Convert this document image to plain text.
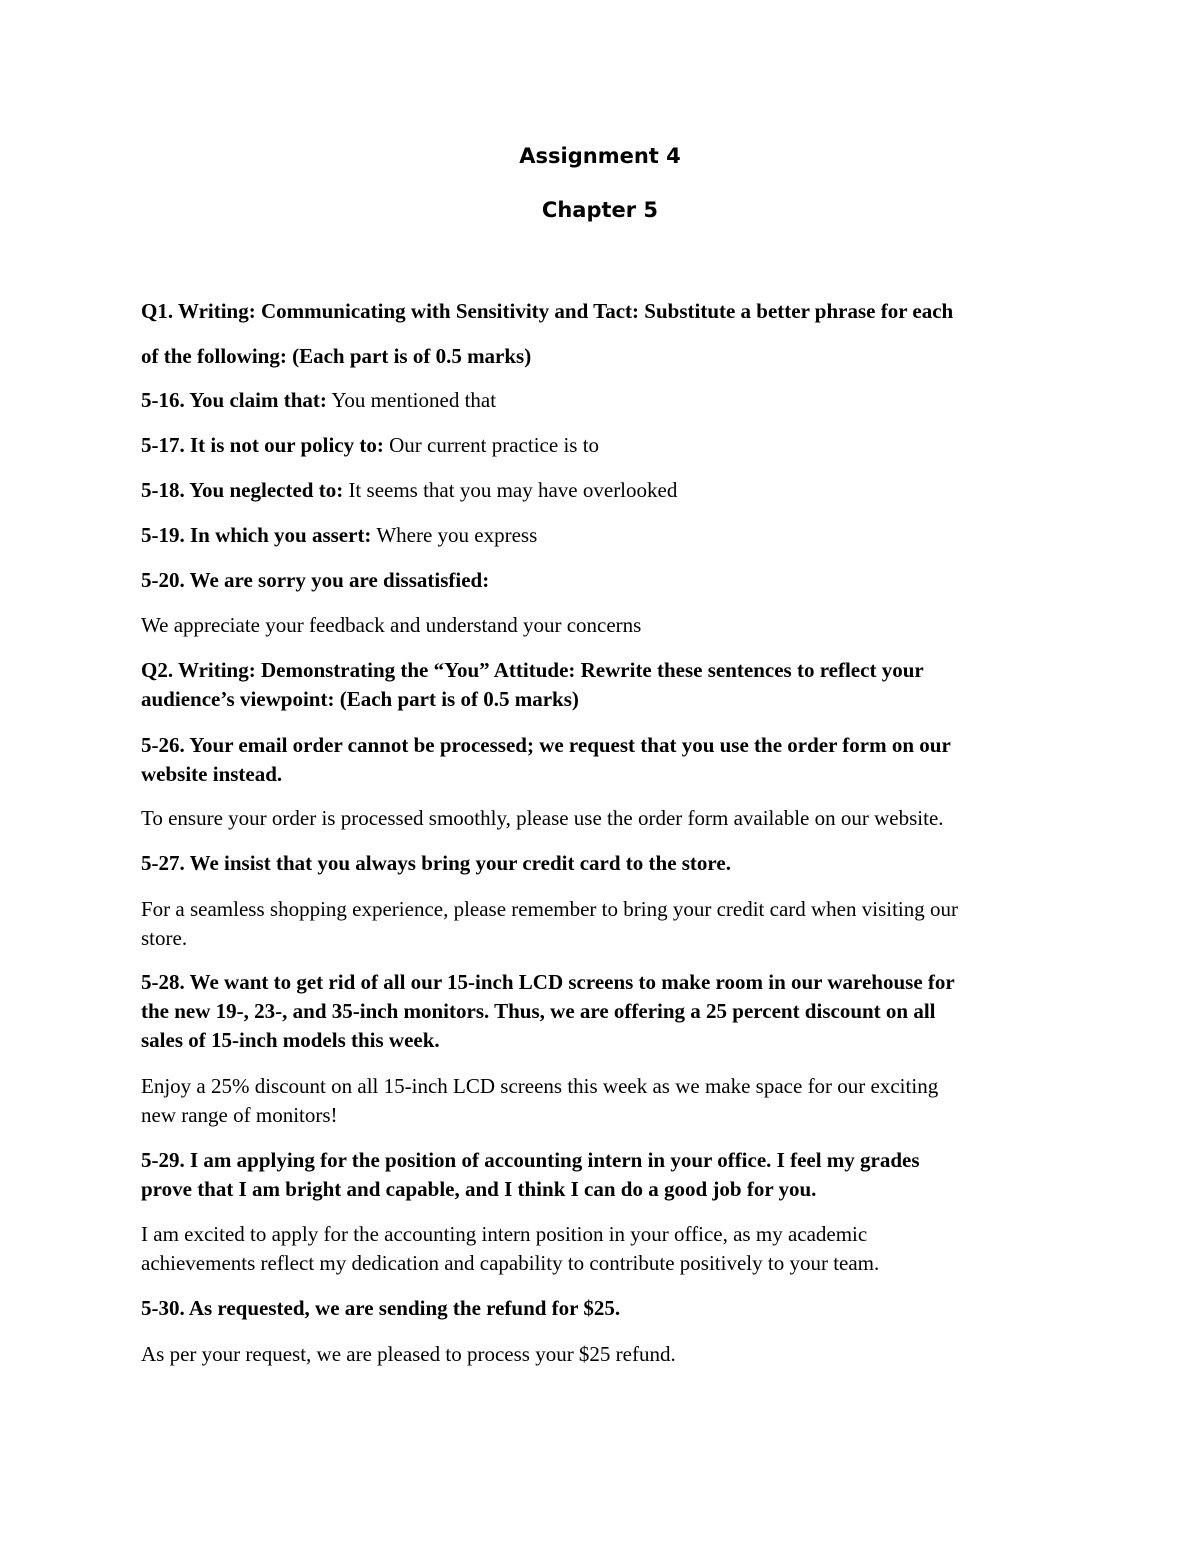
Assignment 4
Chapter 5
Q1. Writing: Communicating with Sensitivity and Tact: Substitute a better phrase for each
of the following: (Each part is of 0.5 marks)
5-16. You claim that: You mentioned that
5-17. It is not our policy to: Our current practice is to
5-18. You neglected to: It seems that you may have overlooked
5-19. In which you assert: Where you express
5-20. We are sorry you are dissatisfied:
We appreciate your feedback and understand your concerns
Q2. Writing: Demonstrating the “You” Attitude: Rewrite these sentences to reflect your
audience’s viewpoint: (Each part is of 0.5 marks)
5-26. Your email order cannot be processed; we request that you use the order form on our
website instead.
To ensure your order is processed smoothly, please use the order form available on our website.
5-27. We insist that you always bring your credit card to the store.
For a seamless shopping experience, please remember to bring your credit card when visiting our
store.
5-28. We want to get rid of all our 15-inch LCD screens to make room in our warehouse for
the new 19-, 23-, and 35-inch monitors. Thus, we are offering a 25 percent discount on all
sales of 15-inch models this week.
Enjoy a 25% discount on all 15-inch LCD screens this week as we make space for our exciting
new range of monitors!
5-29. I am applying for the position of accounting intern in your office. I feel my grades
prove that I am bright and capable, and I think I can do a good job for you.
I am excited to apply for the accounting intern position in your office, as my academic
achievements reflect my dedication and capability to contribute positively to your team.
5-30. As requested, we are sending the refund for $25.
As per your request, we are pleased to process your $25 refund.
